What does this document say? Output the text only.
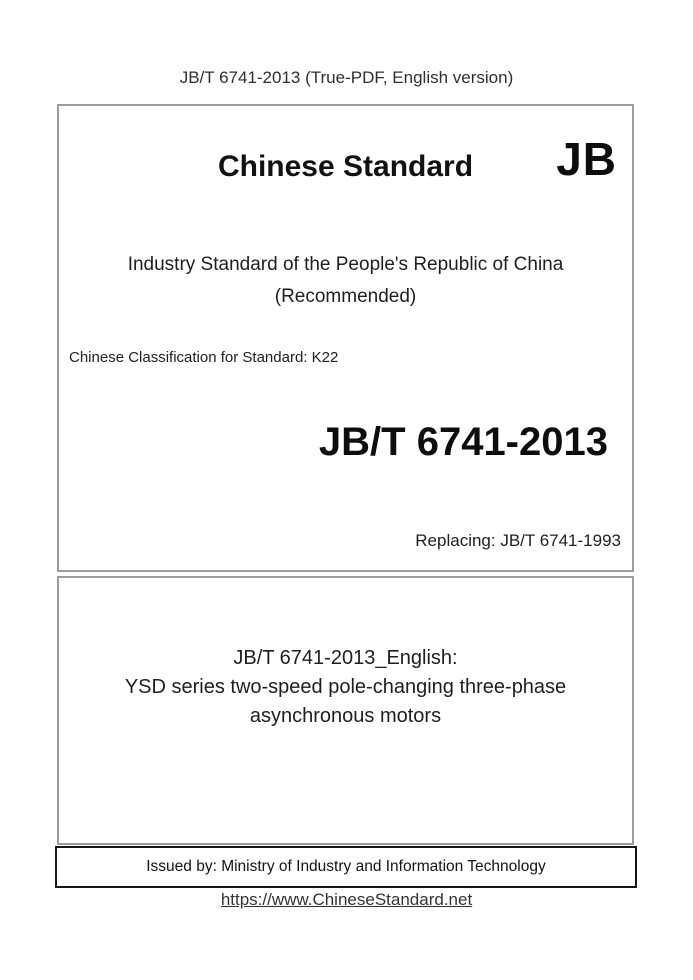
JB/T 6741-2013 (True-PDF, English version)
Chinese Standard	JB
Industry Standard of the People's Republic of China
(Recommended)
Chinese Classification for Standard: K22
JB/T 6741-2013
Replacing: JB/T 6741-1993
JB/T 6741-2013_English:
YSD series two-speed pole-changing three-phase
asynchronous motors
Issued by: Ministry of Industry and Information Technology
https://www.ChineseStandard.net
